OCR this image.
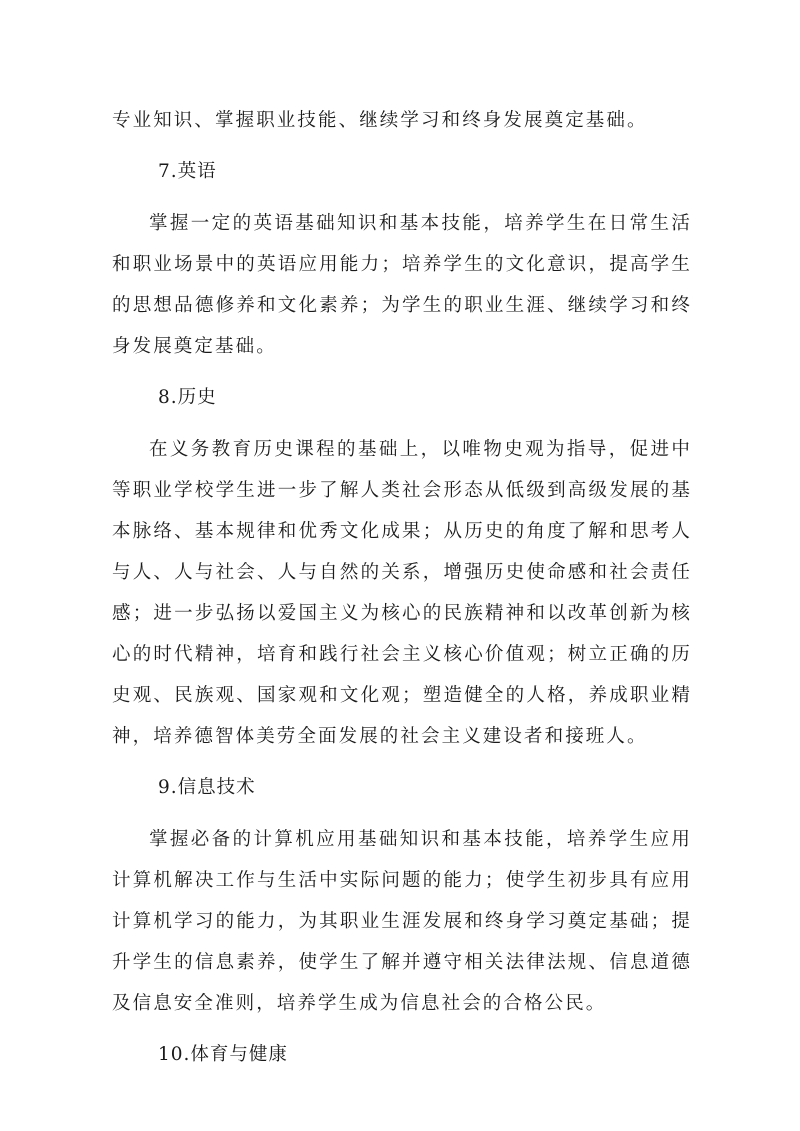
专业知识、掌握职业技能、继续学习和终身发展奠定基础。

7.英语

掌握一定的英语基础知识和基本技能，培养学生在日常生活和职业场景中的英语应用能力；培养学生的文化意识，提高学生的思想品德修养和文化素养；为学生的职业生涯、继续学习和终身发展奠定基础。

8.历史

在义务教育历史课程的基础上，以唯物史观为指导，促进中等职业学校学生进一步了解人类社会形态从低级到高级发展的基本脉络、基本规律和优秀文化成果；从历史的角度了解和思考人与人、人与社会、人与自然的关系，增强历史使命感和社会责任感；进一步弘扬以爱国主义为核心的民族精神和以改革创新为核心的时代精神，培育和践行社会主义核心价值观；树立正确的历史观、民族观、国家观和文化观；塑造健全的人格，养成职业精神，培养德智体美劳全面发展的社会主义建设者和接班人。

9.信息技术

掌握必备的计算机应用基础知识和基本技能，培养学生应用计算机解决工作与生活中实际问题的能力；使学生初步具有应用计算机学习的能力，为其职业生涯发展和终身学习奠定基础；提升学生的信息素养，使学生了解并遵守相关法律法规、信息道德及信息安全准则，培养学生成为信息社会的合格公民。

10.体育与健康
